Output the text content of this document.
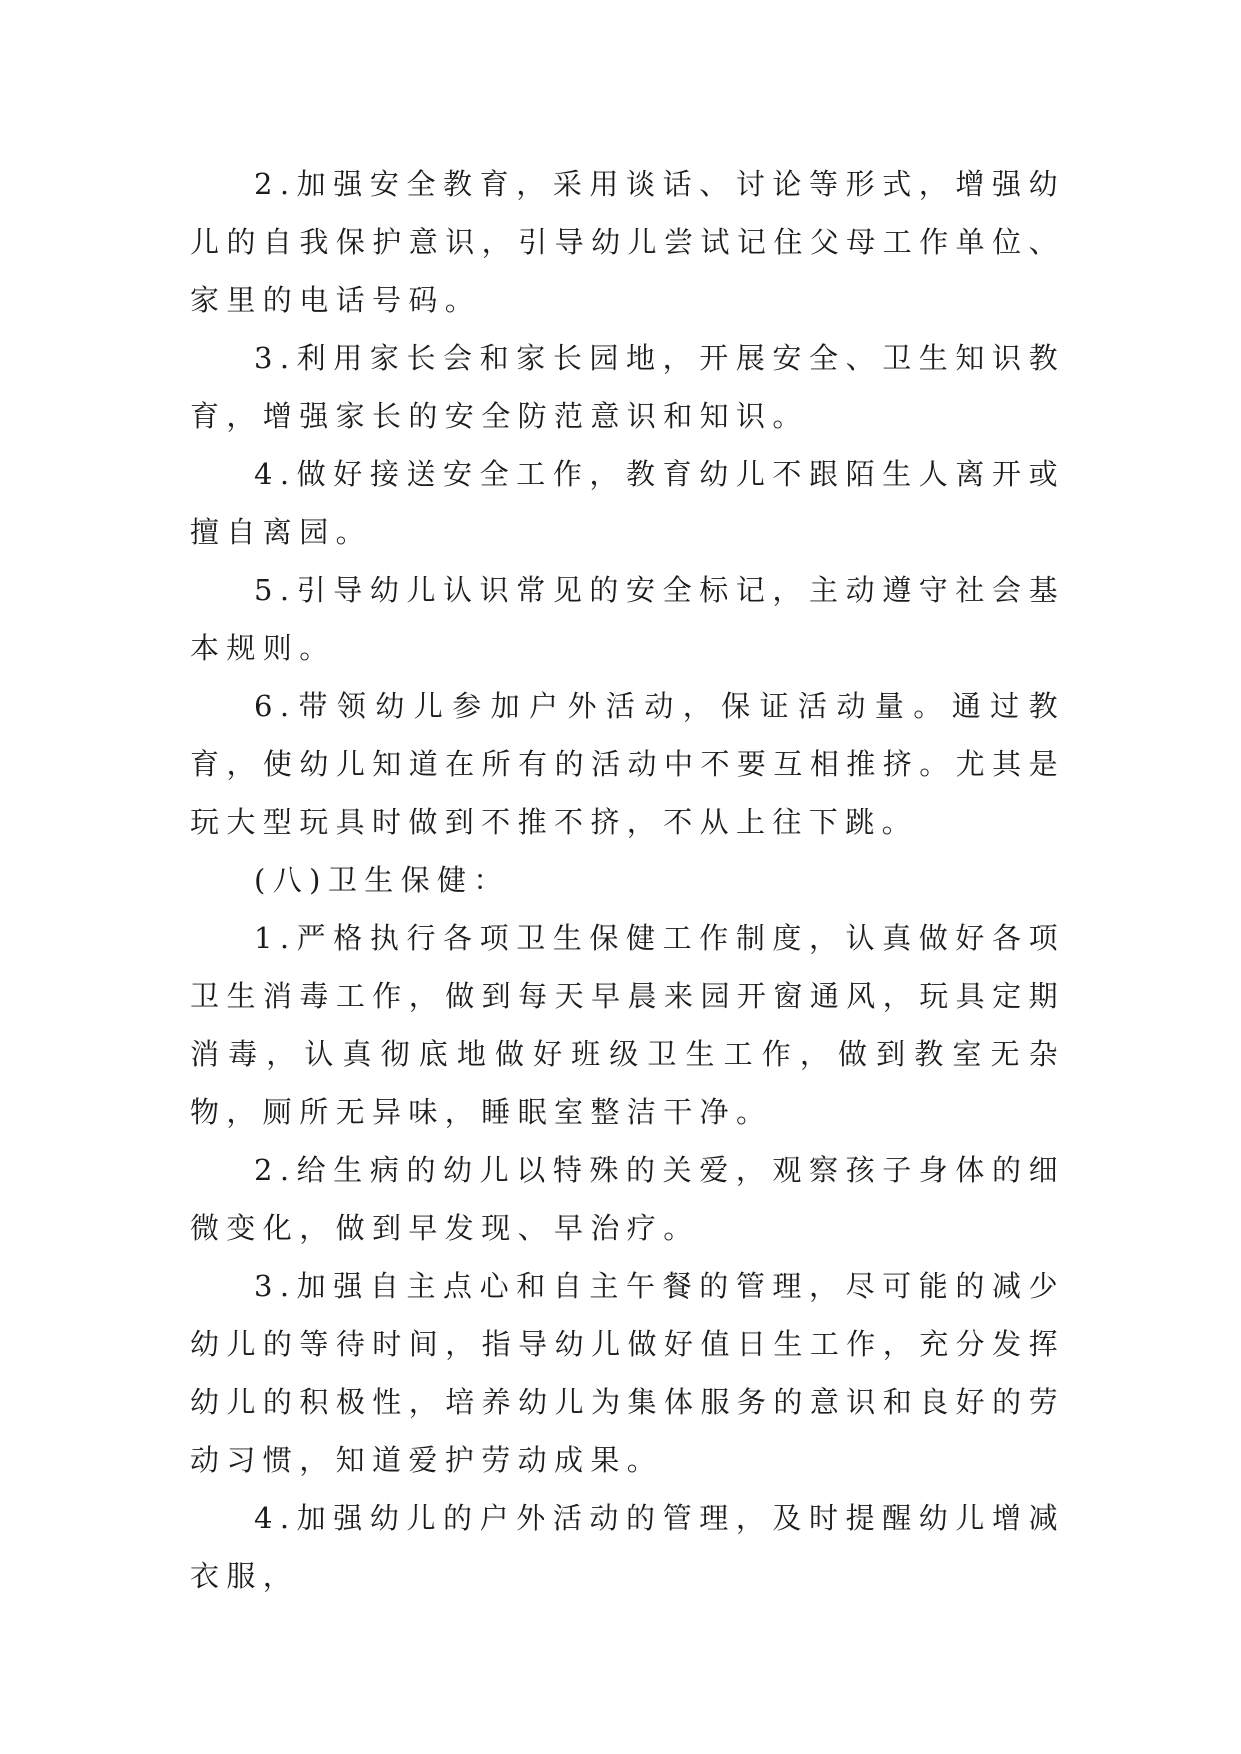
2.加强安全教育，采用谈话、讨论等形式，增强幼儿的自我保护意识，引导幼儿尝试记住父母工作单位、家里的电话号码。

3.利用家长会和家长园地，开展安全、卫生知识教育，增强家长的安全防范意识和知识。

4.做好接送安全工作，教育幼儿不跟陌生人离开或擅自离园。

5.引导幼儿认识常见的安全标记，主动遵守社会基本规则。

6.带领幼儿参加户外活动，保证活动量。通过教育，使幼儿知道在所有的活动中不要互相推挤。尤其是玩大型玩具时做到不推不挤，不从上往下跳。

(八)卫生保健：

1.严格执行各项卫生保健工作制度，认真做好各项卫生消毒工作，做到每天早晨来园开窗通风，玩具定期消毒，认真彻底地做好班级卫生工作，做到教室无杂物，厕所无异味，睡眠室整洁干净。

2.给生病的幼儿以特殊的关爱，观察孩子身体的细微变化，做到早发现、早治疗。

3.加强自主点心和自主午餐的管理，尽可能的减少幼儿的等待时间，指导幼儿做好值日生工作，充分发挥幼儿的积极性，培养幼儿为集体服务的意识和良好的劳动习惯，知道爱护劳动成果。

4.加强幼儿的户外活动的管理，及时提醒幼儿增减衣服，
